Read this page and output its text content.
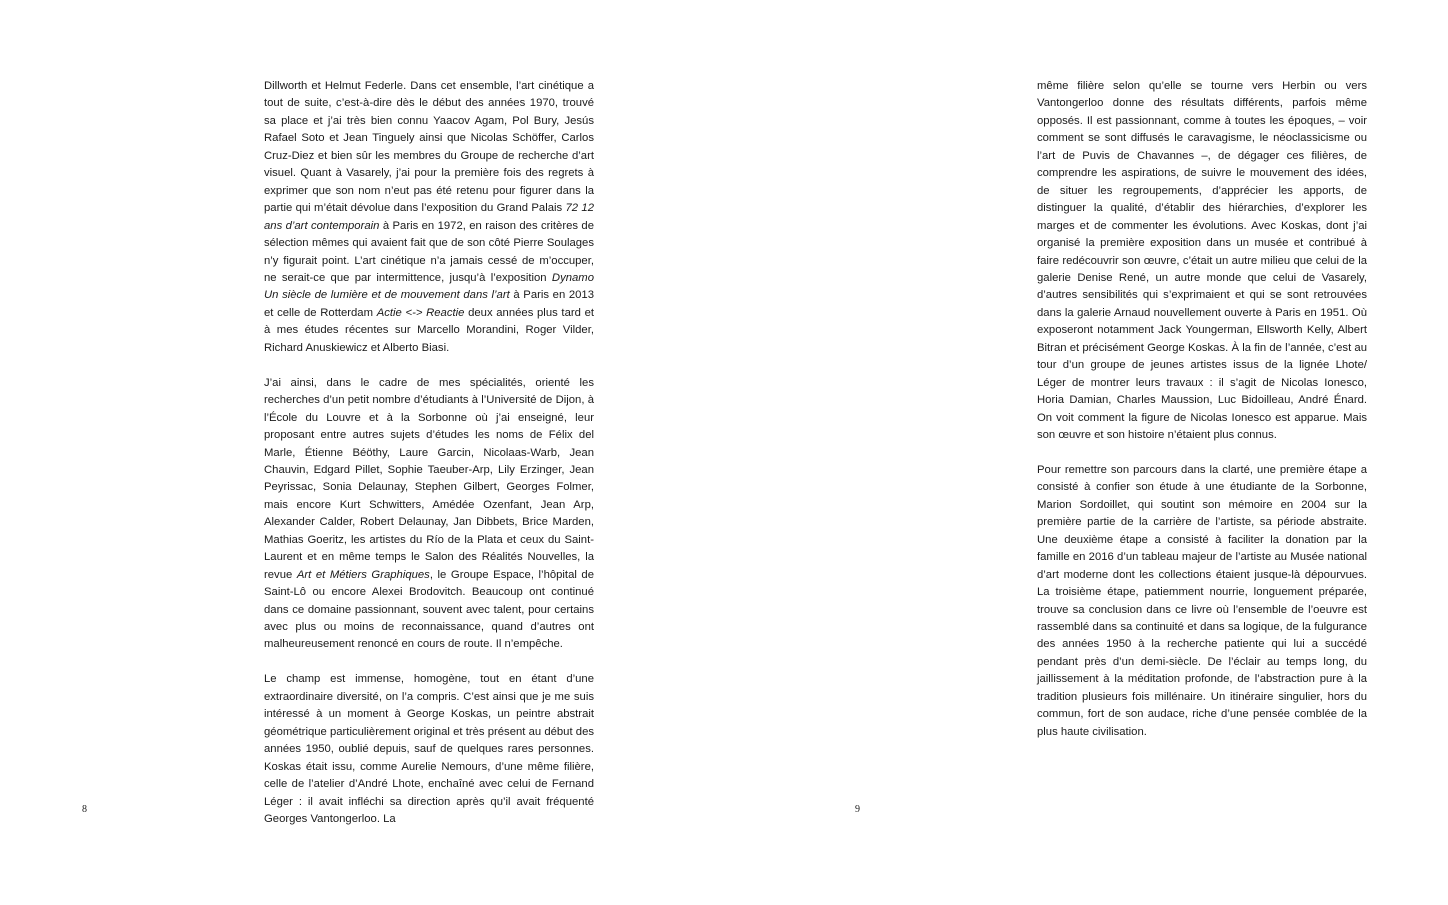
Dillworth et Helmut Federle. Dans cet ensemble, l’art cinétique a tout de suite, c’est-à-dire dès le début des années 1970, trouvé sa place et j’ai très bien connu Yaacov Agam, Pol Bury, Jesús Rafael Soto et Jean Tinguely ainsi que Nicolas Schöffer, Carlos Cruz-Diez et bien sûr les membres du Groupe de recherche d’art visuel. Quant à Vasarely, j’ai pour la première fois des regrets à exprimer que son nom n’eut pas été retenu pour figurer dans la partie qui m’était dévolue dans l’exposition du Grand Palais 72 12 ans d’art contemporain à Paris en 1972, en raison des critères de sélection mêmes qui avaient fait que de son côté Pierre Soulages n’y figurait point. L’art cinétique n’a jamais cessé de m’occuper, ne serait-ce que par intermittence, jusqu’à l’exposition Dynamo Un siècle de lumière et de mouvement dans l’art à Paris en 2013 et celle de Rotterdam Actie <-> Reactie deux années plus tard et à mes études récentes sur Marcello Morandini, Roger Vilder, Richard Anuskiewicz et Alberto Biasi.

J’ai ainsi, dans le cadre de mes spécialités, orienté les recherches d’un petit nombre d’étudiants à l’Université de Dijon, à l’École du Louvre et à la Sorbonne où j’ai enseigné, leur proposant entre autres sujets d’études les noms de Félix del Marle, Étienne Béöthy, Laure Garcin, Nicolaas-Warb, Jean Chauvin, Edgard Pillet, Sophie Taeuber-Arp, Lily Erzinger, Jean Peyrissac, Sonia Delaunay, Stephen Gilbert, Georges Folmer, mais encore Kurt Schwitters, Amédée Ozenfant, Jean Arp, Alexander Calder, Robert Delaunay, Jan Dibbets, Brice Marden, Mathias Goeritz, les artistes du Río de la Plata et ceux du Saint-Laurent et en même temps le Salon des Réalités Nouvelles, la revue Art et Métiers Graphiques, le Groupe Espace, l’hôpital de Saint-Lô ou encore Alexei Brodovitch. Beaucoup ont continué dans ce domaine passionnant, souvent avec talent, pour certains avec plus ou moins de reconnaissance, quand d’autres ont malheureusement renoncé en cours de route. Il n’empêche.

Le champ est immense, homogène, tout en étant d’une extraordinaire diversité, on l’a compris. C’est ainsi que je me suis intéressé à un moment à George Koskas, un peintre abstrait géométrique particulièrement original et très présent au début des années 1950, oublié depuis, sauf de quelques rares personnes. Koskas était issu, comme Aurelie Nemours, d’une même filière, celle de l’atelier d’André Lhote, enchaîné avec celui de Fernand Léger : il avait infléchi sa direction après qu’il avait fréquenté Georges Vantongerloo. La

8

même filière selon qu’elle se tourne vers Herbin ou vers Vantongerloo donne des résultats différents, parfois même opposés. Il est passionnant, comme à toutes les époques, – voir comment se sont diffusés le caravagisme, le néoclassicisme ou l’art de Puvis de Chavannes –, de dégager ces filières, de comprendre les aspirations, de suivre le mouvement des idées, de situer les regroupements, d’apprécier les apports, de distinguer la qualité, d’établir des hiérarchies, d’explorer les marges et de commenter les évolutions. Avec Koskas, dont j’ai organisé la première exposition dans un musée et contribué à faire redécouvrir son œuvre, c’était un autre milieu que celui de la galerie Denise René, un autre monde que celui de Vasarely, d’autres sensibilités qui s’exprimaient et qui se sont retrouvées dans la galerie Arnaud nouvellement ouverte à Paris en 1951. Où exposeront notamment Jack Youngerman, Ellsworth Kelly, Albert Bitran et précisément George Koskas. À la fin de l’année, c’est au tour d’un groupe de jeunes artistes issus de la lignée Lhote/ Léger de montrer leurs travaux : il s’agit de Nicolas Ionesco, Horia Damian, Charles Maussion, Luc Bidoilleau, André Énard. On voit comment la figure de Nicolas Ionesco est apparue. Mais son œuvre et son histoire n’étaient plus connus.

Pour remettre son parcours dans la clarté, une première étape a consisté à confier son étude à une étudiante de la Sorbonne, Marion Sordoillet, qui soutint son mémoire en 2004 sur la première partie de la carrière de l’artiste, sa période abstraite. Une deuxième étape a consisté à faciliter la donation par la famille en 2016 d’un tableau majeur de l’artiste au Musée national d’art moderne dont les collections étaient jusque-là dépourvues. La troisième étape, patiemment nourrie, longuement préparée, trouve sa conclusion dans ce livre où l’ensemble de l’oeuvre est rassemblé dans sa continuité et dans sa logique, de la fulgurance des années 1950 à la recherche patiente qui lui a succédé pendant près d’un demi-siècle. De l’éclair au temps long, du jaillissement à la méditation profonde, de l’abstraction pure à la tradition plusieurs fois millénaire. Un itinéraire singulier, hors du commun, fort de son audace, riche d’une pensée comblée de la plus haute civilisation.

9
